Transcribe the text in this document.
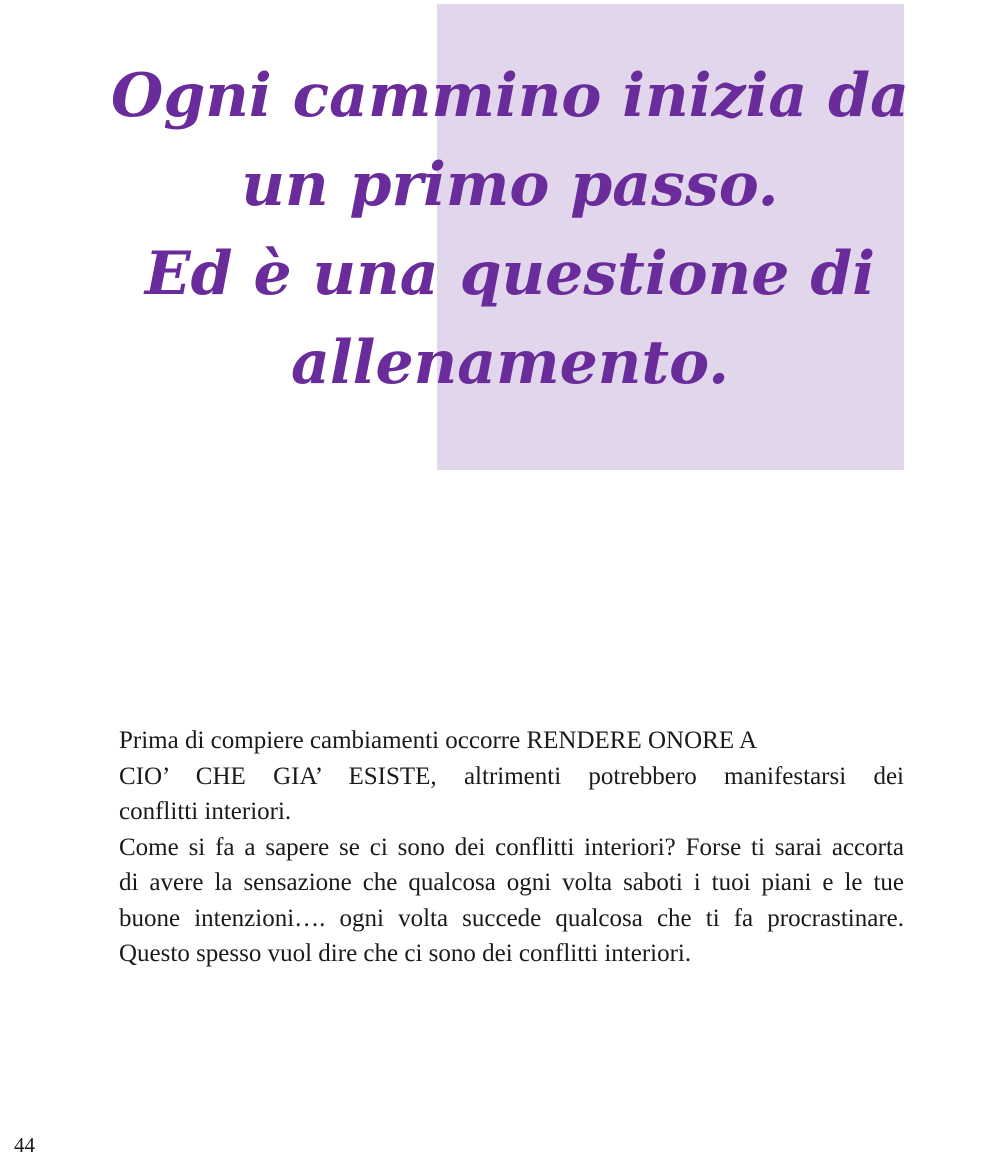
Ogni cammino inizia da
un primo passo.
Ed è una questione di
allenamento.

Prima di compiere cambiamenti occorre RENDERE ONORE A
CIO’ CHE GIA’ ESISTE, altrimenti potrebbero manifestarsi dei
conflitti interiori.

Come si fa a sapere se ci sono dei conflitti interiori? Forse ti sarai accorta
di avere la sensazione che qualcosa ogni volta saboti i tuoi piani e le tue
buone intenzioni…. ogni volta succede qualcosa che ti fa procrastinare.
Questo spesso vuol dire che ci sono dei conflitti interiori.

44
